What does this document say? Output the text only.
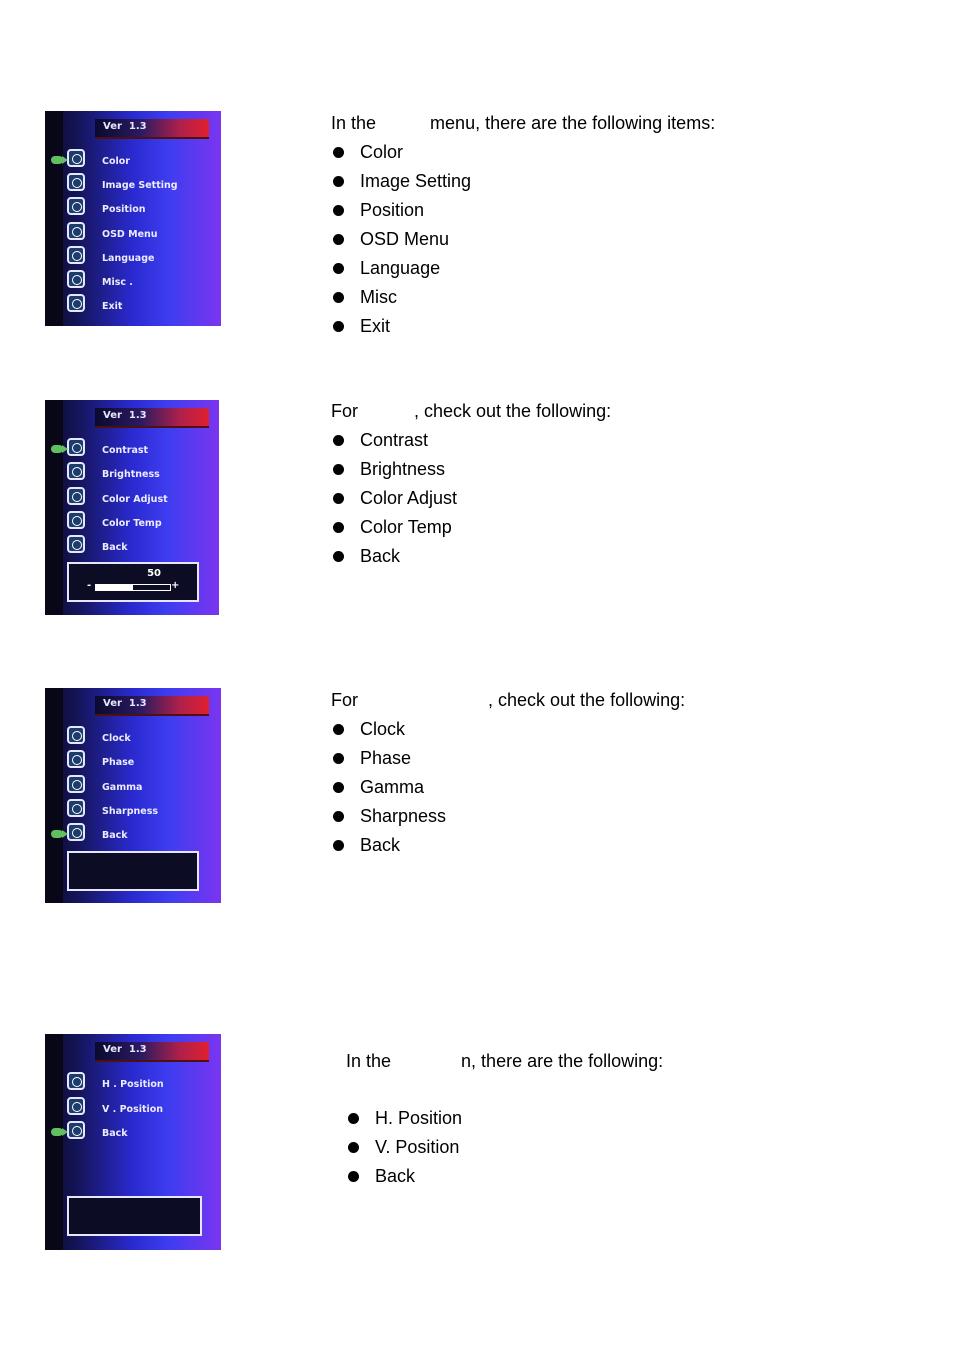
Ver  1.3
Color
Image Setting
Position
OSD Menu
Language
Misc .
Exit

In the	menu, there are the following items:

Color
Image Setting
Position
OSD Menu
Language
Misc
Exit
Ver  1.3
Contrast
Brightness
Color Adjust
Color Temp
Back
50
-	+

For	, check out the following:

Contrast
Brightness
Color Adjust
Color Temp
Back
Ver  1.3
Clock
Phase
Gamma
Sharpness
Back

For	, check out the following:

Clock
Phase
Gamma
Sharpness
Back
Ver  1.3
H . Position
V . Position
Back

In the	n, there are the following:

H. Position
V. Position
Back
